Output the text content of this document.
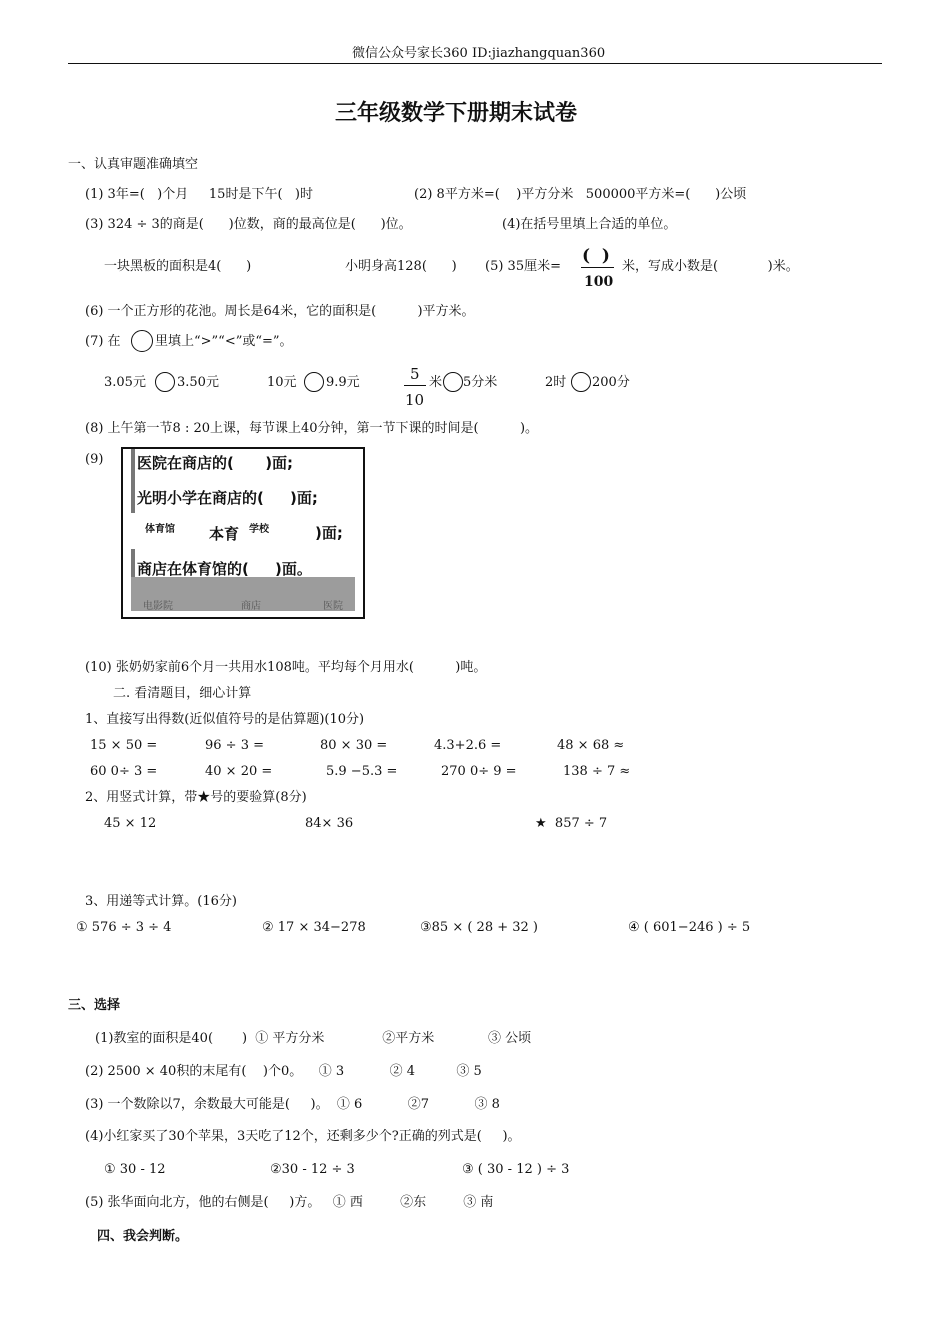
微信公众号家长360 ID:jiazhangquan360
三年级数学下册期末试卷
一、认真审题准确填空
(1) 3年=(   )个月     15时是下午(   )时	(2) 8平方米=(    )平方分米   500000平方米=(      )公顷
(3) 324 ÷ 3的商是(      )位数，商的最高位是(      )位。	(4)在括号里填上合适的单位。
一块黑板的面积是4(      )	小明身高128(      ) (5) 35厘米=
(  )
100
米，写成小数是(            )米。
(6) 一个正方形的花池。周长是64米，它的面积是(          )平方米。
(7) 在	里填上“>”“<”或“=”。
3.05元 3.50元	10元 9.9元	5
10
米 5分米	2时 200分
(8) 上午第一节8 : 20上课，每节课上40分钟，第一节下课的时间是(          )。
(9)
电影院	商店	医院
医院在商店的(      )面;
光明小学在商店的(     )面;
体育馆 本育 学校	)面;
商店在体育馆的(     )面。
(10) 张奶奶家前6个月一共用水108吨。平均每个月用水(          )吨。
二. 看清题目，细心计算
1、直接写出得数(近似值符号的是估算题)(10分)
15 × 50 =	96 ÷ 3 =	80 × 30 =	4.3+2.6 =	48 × 68 ≈
60 0÷ 3 =	40 × 20 =	5.9 −5.3 =	270 0÷ 9 =	138 ÷ 7 ≈
2、用竖式计算，带★号的要验算(8分)
45 × 12	84× 36	★  857 ÷ 7
3、用递等式计算。(16分)
① 576 ÷ 3 ÷ 4	② 17 × 34−278	③85 × ( 28 + 32 )	④ ( 601−246 ) ÷ 5
三、选择
(1)教室的面积是40(       )  ① 平方分米              ②平方米             ③ 公顷
(2) 2500 × 40积的末尾有(    )个0。    ① 3           ② 4          ③ 5
(3) 一个数除以7，余数最大可能是(     )。  ① 6           ②7           ③ 8
(4)小红家买了30个苹果，3天吃了12个，还剩多少个?正确的列式是(     )。
① 30 - 12	②30 - 12 ÷ 3	③ ( 30 - 12 ) ÷ 3
(5) 张华面向北方，他的右侧是(     )方。   ① 西         ②东         ③ 南
四、我会判断。
